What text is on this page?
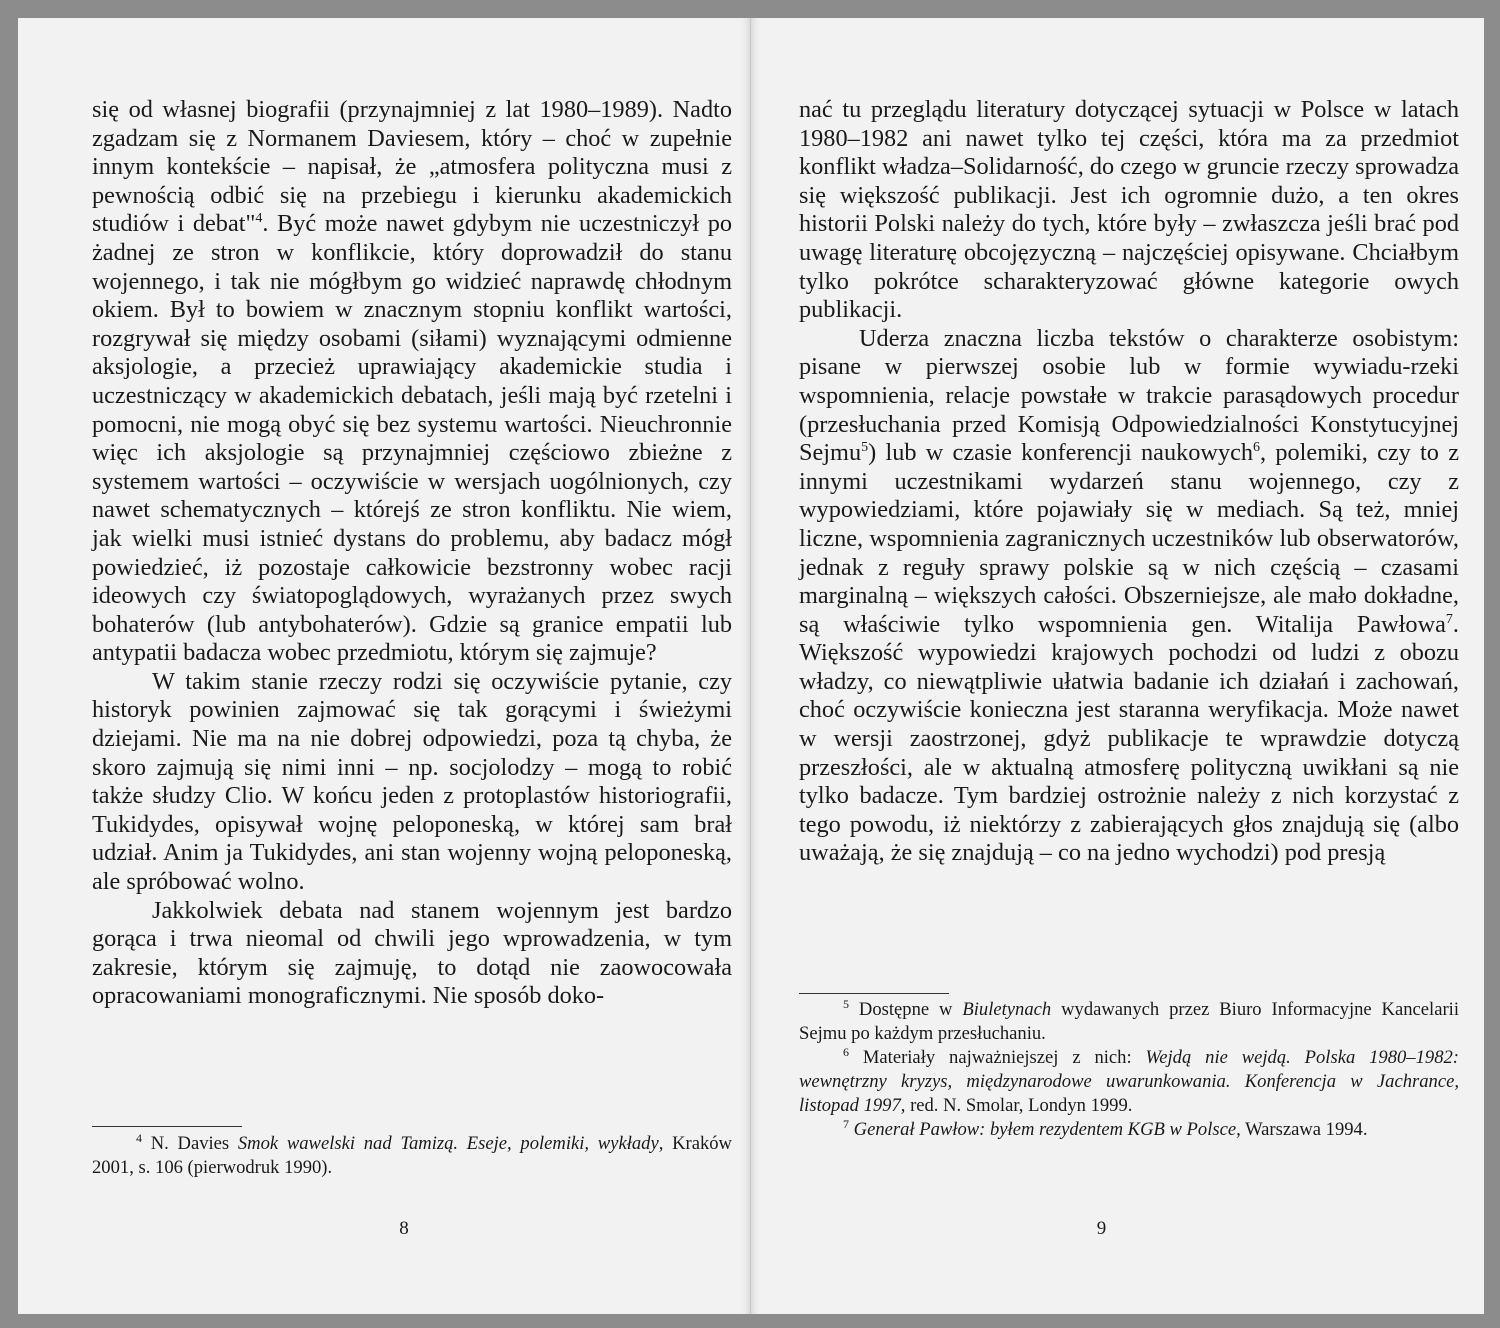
się od własnej biografii (przynajmniej z lat 1980–1989). Nadto zgadzam się z Normanem Daviesem, który – choć w zupełnie innym kontekście – napisał, że „atmosfera polityczna musi z pewnością odbić się na przebiegu i kierunku akademickich studiów i debat"$^4$. Być może nawet gdybym nie uczestniczył po żadnej ze stron w konflikcie, który doprowadził do stanu wojennego, i tak nie mógłbym go widzieć naprawdę chłodnym okiem. Był to bowiem w znacznym stopniu konflikt wartości, rozgrywał się między osobami (siłami) wyznającymi odmienne aksjologie, a przecież uprawiający akademickie studia i uczestniczący w akademickich debatach, jeśli mają być rzetelni i pomocni, nie mogą obyć się bez systemu wartości. Nieuchronnie więc ich aksjologie są przynajmniej częściowo zbieżne z systemem wartości – oczywiście w wersjach uogólnionych, czy nawet schematycznych – którejś ze stron konfliktu. Nie wiem, jak wielki musi istnieć dystans do problemu, aby badacz mógł powiedzieć, iż pozostaje całkowicie bezstronny wobec racji ideowych czy światopoglądowych, wyrażanych przez swych bohaterów (lub antybohaterów). Gdzie są granice empatii lub antypatii badacza wobec przedmiotu, którym się zajmuje?

W takim stanie rzeczy rodzi się oczywiście pytanie, czy historyk powinien zajmować się tak gorącymi i świeżymi dziejami. Nie ma na nie dobrej odpowiedzi, poza tą chyba, że skoro zajmują się nimi inni – np. socjolodzy – mogą to robić także słudzy Clio. W końcu jeden z protoplastów historiografii, Tukidydes, opisywał wojnę peloponeską, w której sam brał udział. Anim ja Tukidydes, ani stan wojenny wojną peloponeską, ale spróbować wolno.

Jakkolwiek debata nad stanem wojennym jest bardzo gorąca i trwa nieomal od chwili jego wprowadzenia, w tym zakresie, którym się zajmuję, to dotąd nie zaowocowała opracowaniami monograficznymi. Nie sposób doko-

$^4$ N. Davies Smok wawelski nad Tamizą. Eseje, polemiki, wykłady, Kraków 2001, s. 106 (pierwodruk 1990).

8

nać tu przeglądu literatury dotyczącej sytuacji w Polsce w latach 1980–1982 ani nawet tylko tej części, która ma za przedmiot konflikt władza–Solidarność, do czego w gruncie rzeczy sprowadza się większość publikacji. Jest ich ogromnie dużo, a ten okres historii Polski należy do tych, które były – zwłaszcza jeśli brać pod uwagę literaturę obcojęzyczną – najczęściej opisywane. Chciałbym tylko pokrótce scharakteryzować główne kategorie owych publikacji.

Uderza znaczna liczba tekstów o charakterze osobistym: pisane w pierwszej osobie lub w formie wywiadu-rzeki wspomnienia, relacje powstałe w trakcie parasądowych procedur (przesłuchania przed Komisją Odpowiedzialności Konstytucyjnej Sejmu$^5$) lub w czasie konferencji naukowych$^6$, polemiki, czy to z innymi uczestnikami wydarzeń stanu wojennego, czy z wypowiedziami, które pojawiały się w mediach. Są też, mniej liczne, wspomnienia zagranicznych uczestników lub obserwatorów, jednak z reguły sprawy polskie są w nich częścią – czasami marginalną – większych całości. Obszerniejsze, ale mało dokładne, są właściwie tylko wspomnienia gen. Witalija Pawłowa$^7$. Większość wypowiedzi krajowych pochodzi od ludzi z obozu władzy, co niewątpliwie ułatwia badanie ich działań i zachowań, choć oczywiście konieczna jest staranna weryfikacja. Może nawet w wersji zaostrzonej, gdyż publikacje te wprawdzie dotyczą przeszłości, ale w aktualną atmosferę polityczną uwikłani są nie tylko badacze. Tym bardziej ostrożnie należy z nich korzystać z tego powodu, iż niektórzy z zabierających głos znajdują się (albo uważają, że się znajdują – co na jedno wychodzi) pod presją

$^5$ Dostępne w Biuletynach wydawanych przez Biuro Informacyjne Kancelarii Sejmu po każdym przesłuchaniu.

$^6$ Materiały najważniejszej z nich: Wejdą nie wejdą. Polska 1980–1982: wewnętrzny kryzys, międzynarodowe uwarunkowania. Konferencja w Jachrance, listopad 1997, red. N. Smolar, Londyn 1999.

$^7$ Generał Pawłow: byłem rezydentem KGB w Polsce, Warszawa 1994.

9
